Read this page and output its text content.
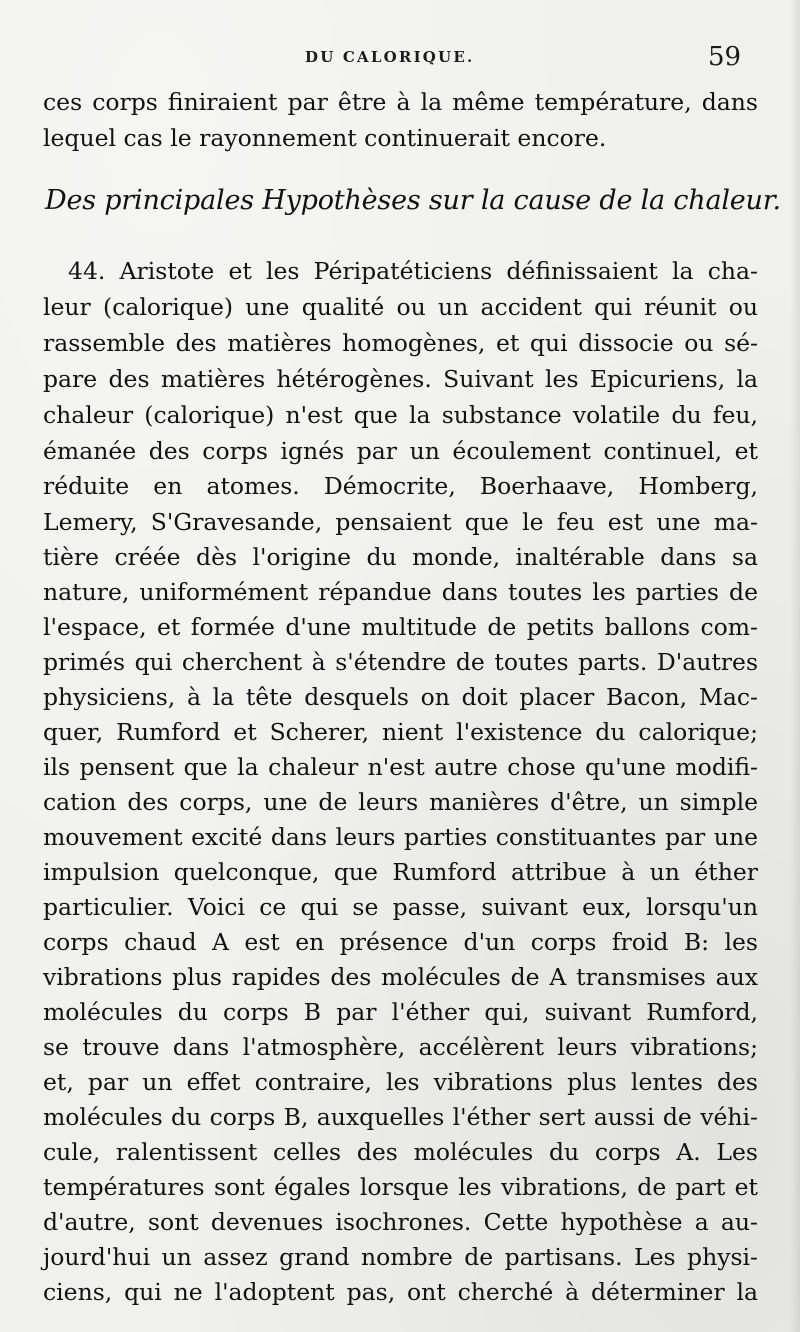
DU CALORIQUE.	59

ces corps finiraient par être à la même température, dans
lequel cas le rayonnement continuerait encore.
Des principales Hypothèses sur la cause de la chaleur.
44. Aristote et les Péripatéticiens définissaient la cha-
leur (calorique) une qualité ou un accident qui réunit ou
rassemble des matières homogènes, et qui dissocie ou sé-
pare des matières hétérogènes. Suivant les Epicuriens, la
chaleur (calorique) n'est que la substance volatile du feu,
émanée des corps ignés par un écoulement continuel, et
réduite en atomes. Démocrite, Boerhaave, Homberg,
Lemery, S'Gravesande, pensaient que le feu est une ma-
tière créée dès l'origine du monde, inaltérable dans sa
nature, uniformément répandue dans toutes les parties de
l'espace, et formée d'une multitude de petits ballons com-
primés qui cherchent à s'étendre de toutes parts. D'autres
physiciens, à la tête desquels on doit placer Bacon, Mac-
quer, Rumford et Scherer, nient l'existence du calorique;
ils pensent que la chaleur n'est autre chose qu'une modifi-
cation des corps, une de leurs manières d'être, un simple
mouvement excité dans leurs parties constituantes par une
impulsion quelconque, que Rumford attribue à un éther
particulier. Voici ce qui se passe, suivant eux, lorsqu'un
corps chaud A est en présence d'un corps froid B: les
vibrations plus rapides des molécules de A transmises aux
molécules du corps B par l'éther qui, suivant Rumford,
se trouve dans l'atmosphère, accélèrent leurs vibrations;
et, par un effet contraire, les vibrations plus lentes des
molécules du corps B, auxquelles l'éther sert aussi de véhi-
cule, ralentissent celles des molécules du corps A. Les
températures sont égales lorsque les vibrations, de part et
d'autre, sont devenues isochrones. Cette hypothèse a au-
jourd'hui un assez grand nombre de partisans. Les physi-
ciens, qui ne l'adoptent pas, ont cherché à déterminer la
